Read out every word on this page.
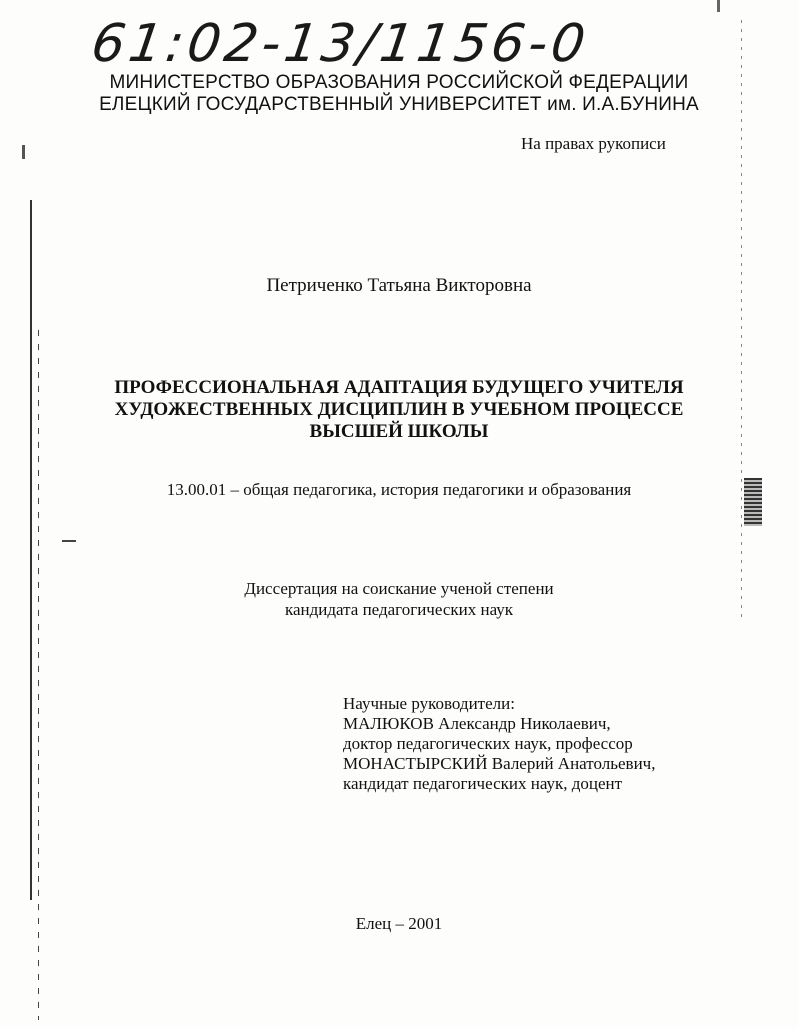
61:02-13/1156-0
МИНИСТЕРСТВО ОБРАЗОВАНИЯ РОССИЙСКОЙ ФЕДЕРАЦИИ
ЕЛЕЦКИЙ ГОСУДАРСТВЕННЫЙ УНИВЕРСИТЕТ им. И.А.БУНИНА
На правах рукописи
Петриченко Татьяна Викторовна
ПРОФЕССИОНАЛЬНАЯ АДАПТАЦИЯ БУДУЩЕГО УЧИТЕЛЯ
ХУДОЖЕСТВЕННЫХ ДИСЦИПЛИН В УЧЕБНОМ ПРОЦЕССЕ
ВЫСШЕЙ ШКОЛЫ
13.00.01 – общая педагогика, история педагогики и образования
Диссертация на соискание ученой степени
кандидата педагогических наук
Научные руководители:
МАЛЮКОВ Александр Николаевич,
доктор педагогических наук, профессор
МОНАСТЫРСКИЙ Валерий Анатольевич,
кандидат педагогических наук, доцент
Елец – 2001
